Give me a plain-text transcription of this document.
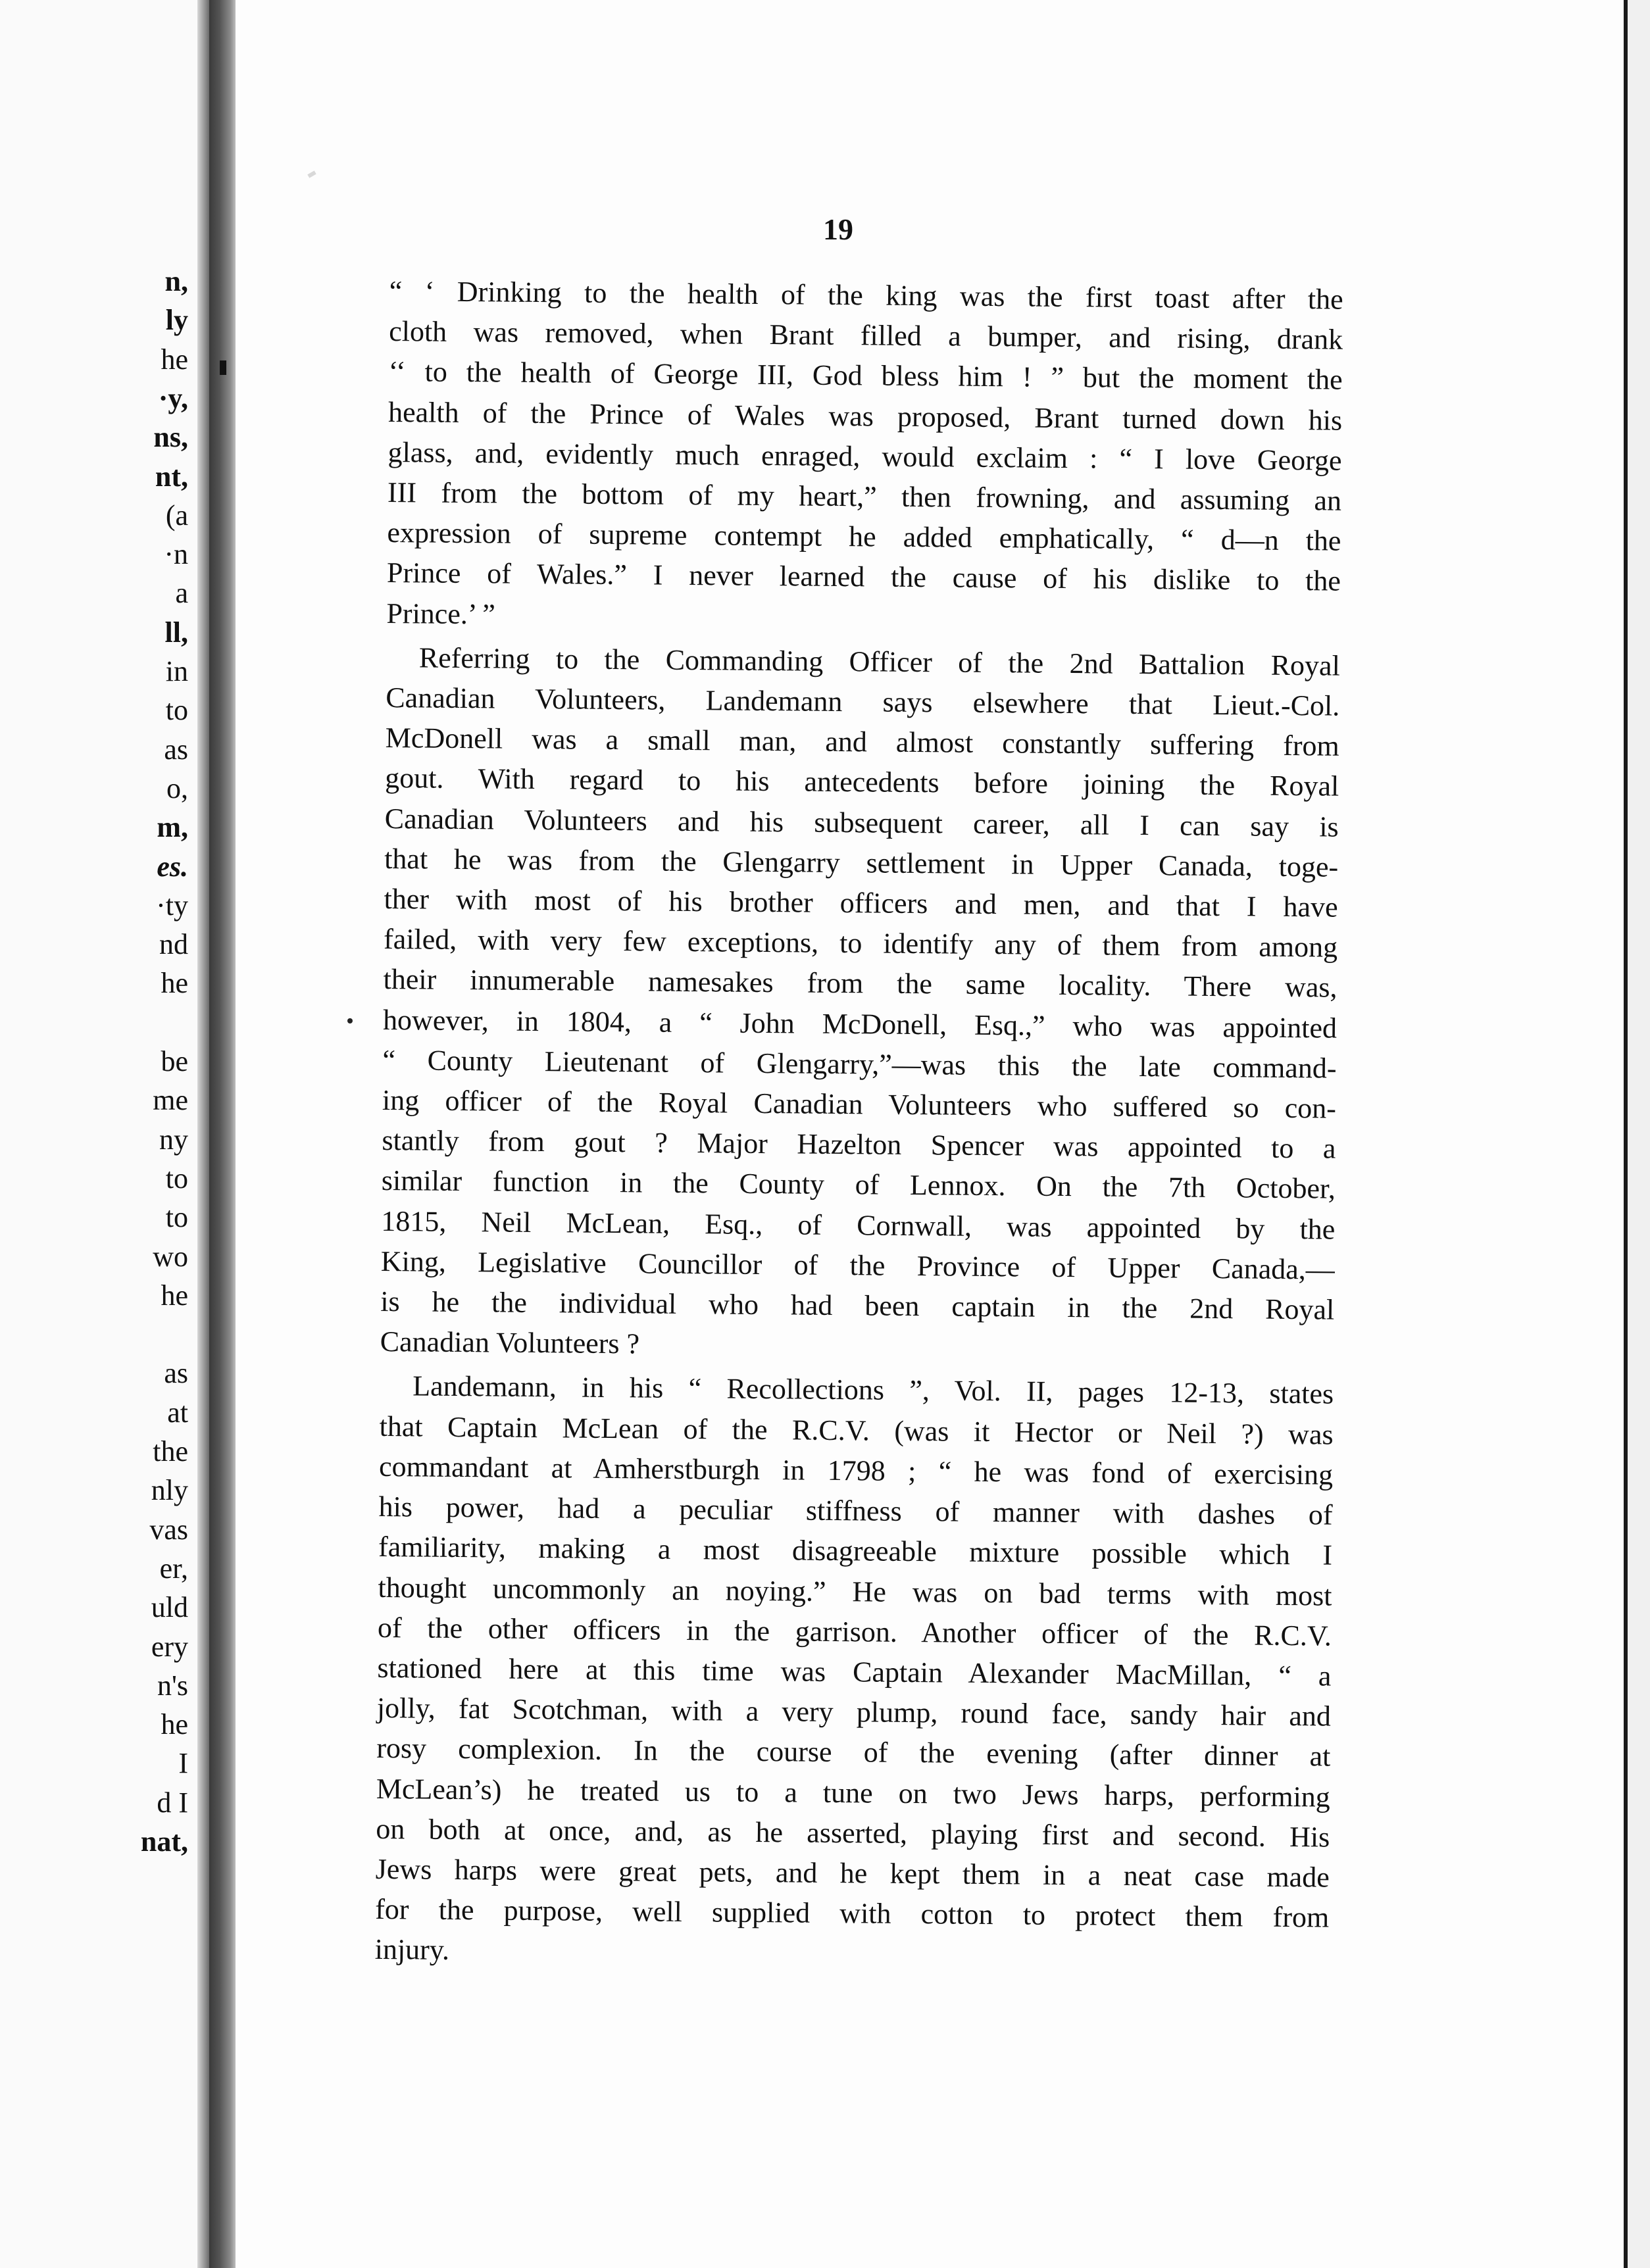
n,
ly
he
·y,
ns,
nt,
(a
·n
a
ll,
in
to
as
o,
m,
es.
·ty
nd
he
be
me
ny
to
to
wo
he
as
at
the
nly
vas
er,
uld
ery
n's
he
I
d I
nat,
19

“ ‘ Drinking to the health of the king was the first toast after the
cloth was removed, when Brant filled a bumper, and rising, drank
‘‘ to the health of George III, God bless him ! ” but the moment the
health of the Prince of Wales was proposed, Brant turned down his
glass, and, evidently much enraged, would exclaim : “ I love George
III from the bottom of my heart,” then frowning, and assuming an
expression of supreme contempt he added emphatically, “ d—n the
Prince of Wales.” I never learned the cause of his dislike to the
Prince.’ ”

Referring to the Commanding Officer of the 2nd Battalion Royal
Canadian Volunteers, Landemann says elsewhere that Lieut.-Col.
McDonell was a small man, and almost constantly suffering from
gout. With regard to his antecedents before joining the Royal
Canadian Volunteers and his subsequent career, all I can say is
that he was from the Glengarry settlement in Upper Canada, toge-
ther with most of his brother officers and men, and that I have
failed, with very few exceptions, to identify any of them from among
their innumerable namesakes from the same locality. There was,
however, in 1804, a “ John McDonell, Esq.,” who was appointed
“ County Lieutenant of Glengarry,”—was this the late command-
ing officer of the Royal Canadian Volunteers who suffered so con-
stantly from gout ? Major Hazelton Spencer was appointed to a
similar function in the County of Lennox. On the 7th October,
1815, Neil McLean, Esq., of Cornwall, was appointed by the
King, Legislative Councillor of the Province of Upper Canada,—
is he the individual who had been captain in the 2nd Royal
Canadian Volunteers ?

Landemann, in his “ Recollections ”, Vol. II, pages 12-13, states
that Captain McLean of the R.C.V. (was it Hector or Neil ?) was
commandant at Amherstburgh in 1798 ; “ he was fond of exercising
his power, had a peculiar stiffness of manner with dashes of
familiarity, making a most disagreeable mixture possible which I
thought uncommonly an noying.” He was on bad terms with most
of the other officers in the garrison. Another officer of the R.C.V.
stationed here at this time was Captain Alexander MacMillan, “ a
jolly, fat Scotchman, with a very plump, round face, sandy hair and
rosy complexion. In the course of the evening (after dinner at
McLean’s) he treated us to a tune on two Jews harps, performing
on both at once, and, as he asserted, playing first and second. His
Jews harps were great pets, and he kept them in a neat case made
for the purpose, well supplied with cotton to protect them from
injury.
